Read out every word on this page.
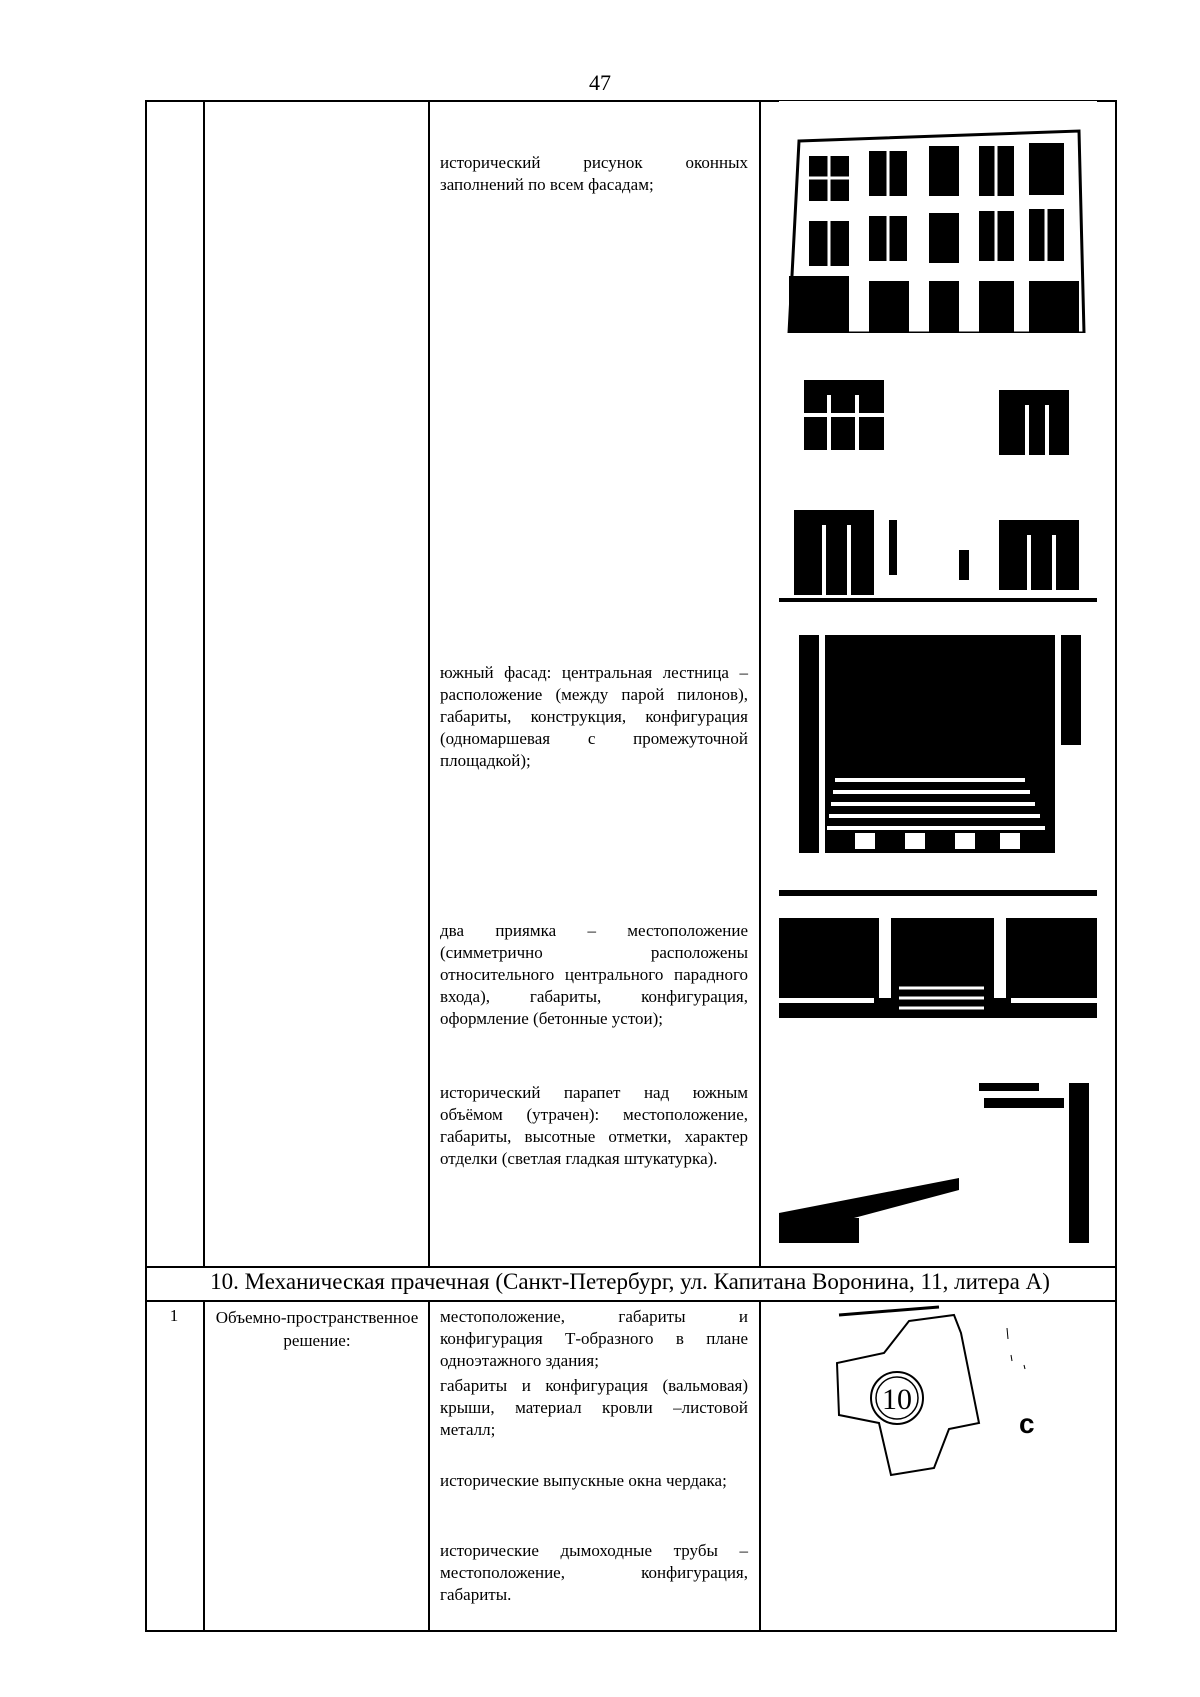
47
исторический рисунок оконных заполнений по всем фасадам;
южный фасад: центральная лестница – расположение (между парой пилонов), габариты, конструкция, конфигурация (одномаршевая с промежуточной площадкой);
два приямка – местоположение (симметрично расположены относительного центрального парадного входа), габариты, конфигурация, оформление (бетонные устои);
исторический парапет над южным объёмом (утрачен): местоположение, габариты, высотные отметки, характер отделки (светлая гладкая штукатурка).
10. Механическая прачечная (Санкт-Петербург, ул. Капитана Воронина, 11, литера А)
1	Объемно-пространственное решение:
местоположение, габариты и конфигурация Т-образного в плане одноэтажного здания;
габариты и конфигурация (вальмовая) крыши, материал кровли –листовой металл;
исторические выпускные окна чердака;
исторические дымоходные трубы – местоположение, конфигурация, габариты.
10
c
